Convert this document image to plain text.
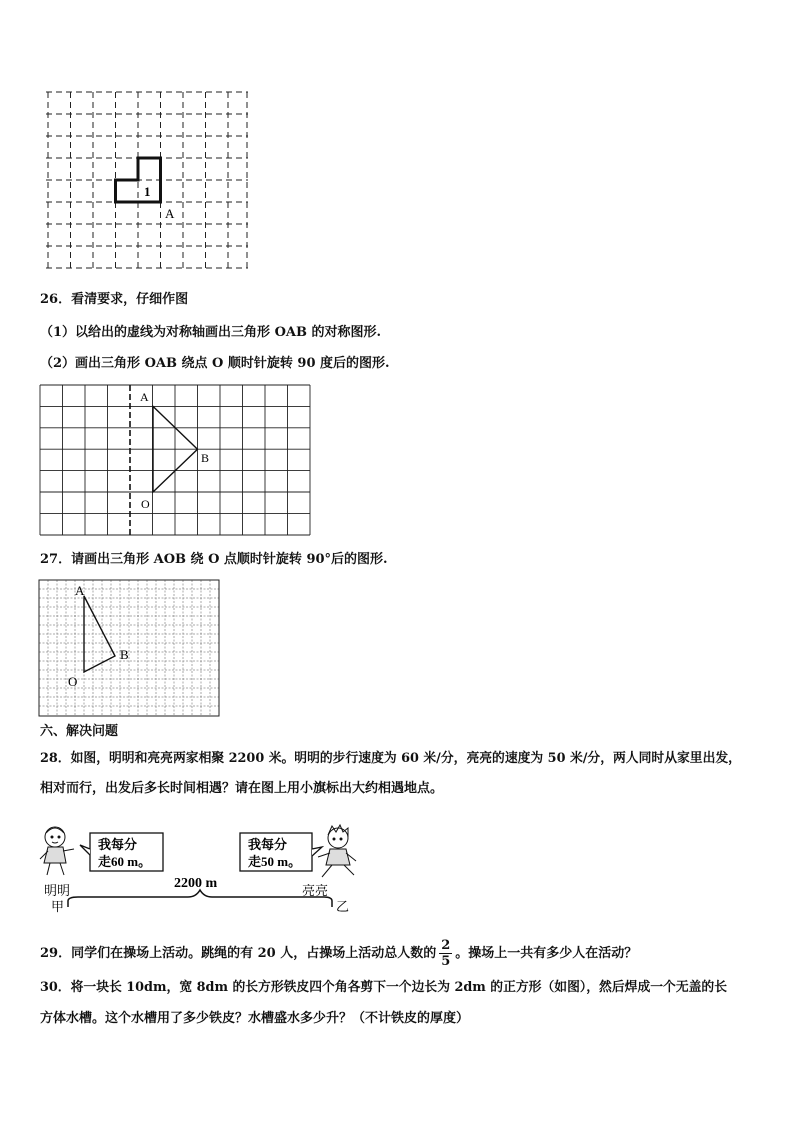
1
A
26．看清要求，仔细作图
（1）以给出的虚线为对称轴画出三角形 OAB 的对称图形.
（2）画出三角形 OAB 绕点 O 顺时针旋转 90 度后的图形.
A
B
O
27．请画出三角形 AOB 绕 O 点顺时针旋转 90°后的图形.
A
B
O
六、解决问题
28．如图，明明和亮亮两家相聚 2200 米。明明的步行速度为 60 米/分，亮亮的速度为 50 米/分，两人同时从家里出发，
相对而行，出发后多长时间相遇？请在图上用小旗标出大约相遇地点。
我每分
走60 m。
我每分
走50 m。
2200 m
明明	亮亮
甲	乙
29．同学们在操场上活动。跳绳的有 20 人，占操场上活动总人数的 $\frac{2}{5}$ 。操场上一共有多少人在活动？
30．将一块长 10dm，宽 8dm 的长方形铁皮四个角各剪下一个边长为 2dm 的正方形（如图），然后焊成一个无盖的长
方体水槽。这个水槽用了多少铁皮？水槽盛水多少升？（不计铁皮的厚度）
